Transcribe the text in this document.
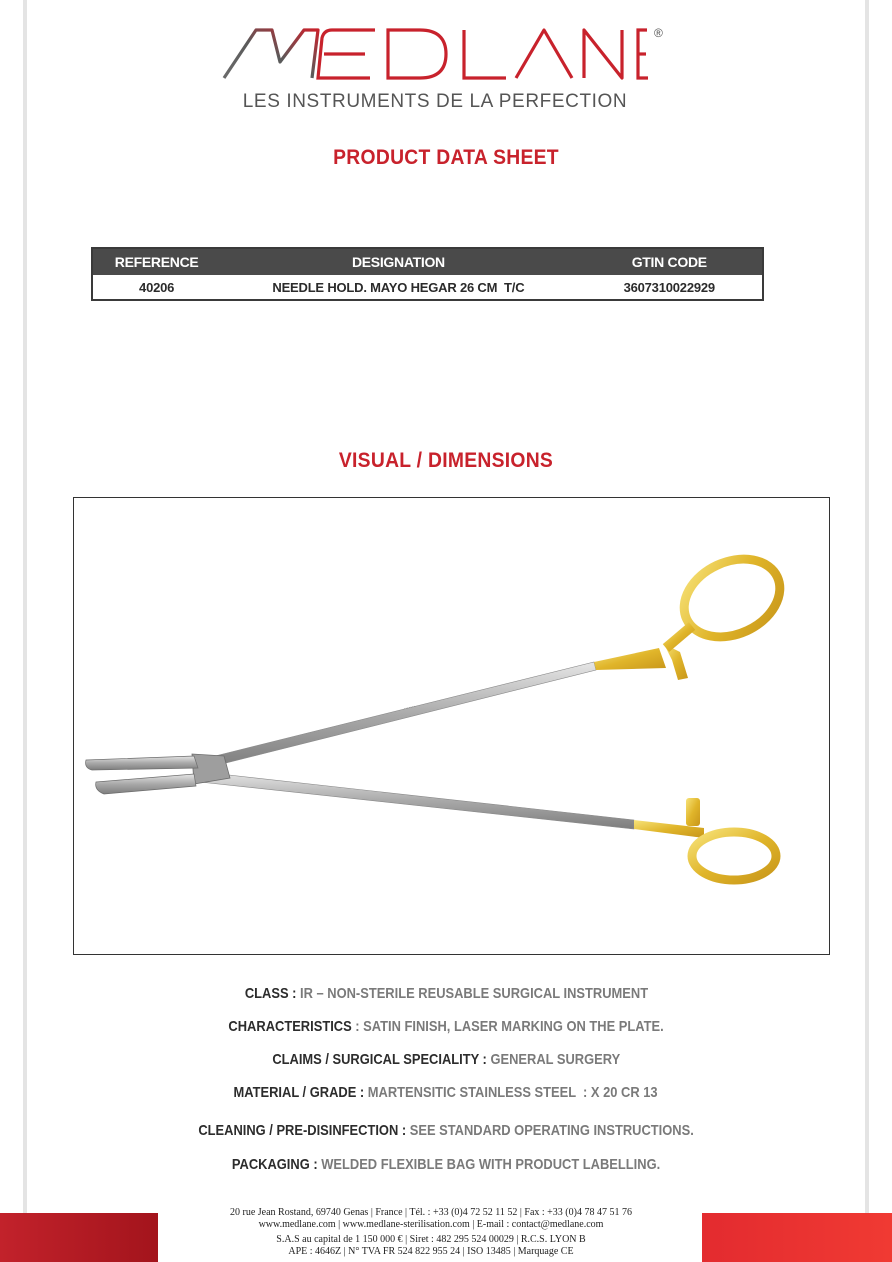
®
LES INSTRUMENTS DE LA PERFECTION
PRODUCT DATA SHEET
REFERENCE	DESIGNATION	GTIN CODE
40206	NEEDLE HOLD. MAYO HEGAR 26 CM  T/C	3607310022929
VISUAL / DIMENSIONS
·······
CLASS : IR – NON-STERILE REUSABLE SURGICAL INSTRUMENT
CHARACTERISTICS : SATIN FINISH, LASER MARKING ON THE PLATE.
CLAIMS / SURGICAL SPECIALITY : GENERAL SURGERY
MATERIAL / GRADE : MARTENSITIC STAINLESS STEEL  : X 20 CR 13
CLEANING / PRE-DISINFECTION : SEE STANDARD OPERATING INSTRUCTIONS.
PACKAGING : WELDED FLEXIBLE BAG WITH PRODUCT LABELLING.
20 rue Jean Rostand, 69740 Genas | France | Tél. : +33 (0)4 72 52 11 52 | Fax : +33 (0)4 78 47 51 76
www.medlane.com | www.medlane-sterilisation.com | E-mail : contact@medlane.com
S.A.S au capital de 1 150 000 € | Siret : 482 295 524 00029 | R.C.S. LYON B
APE : 4646Z | N° TVA FR 524 822 955 24 | ISO 13485 | Marquage CE
